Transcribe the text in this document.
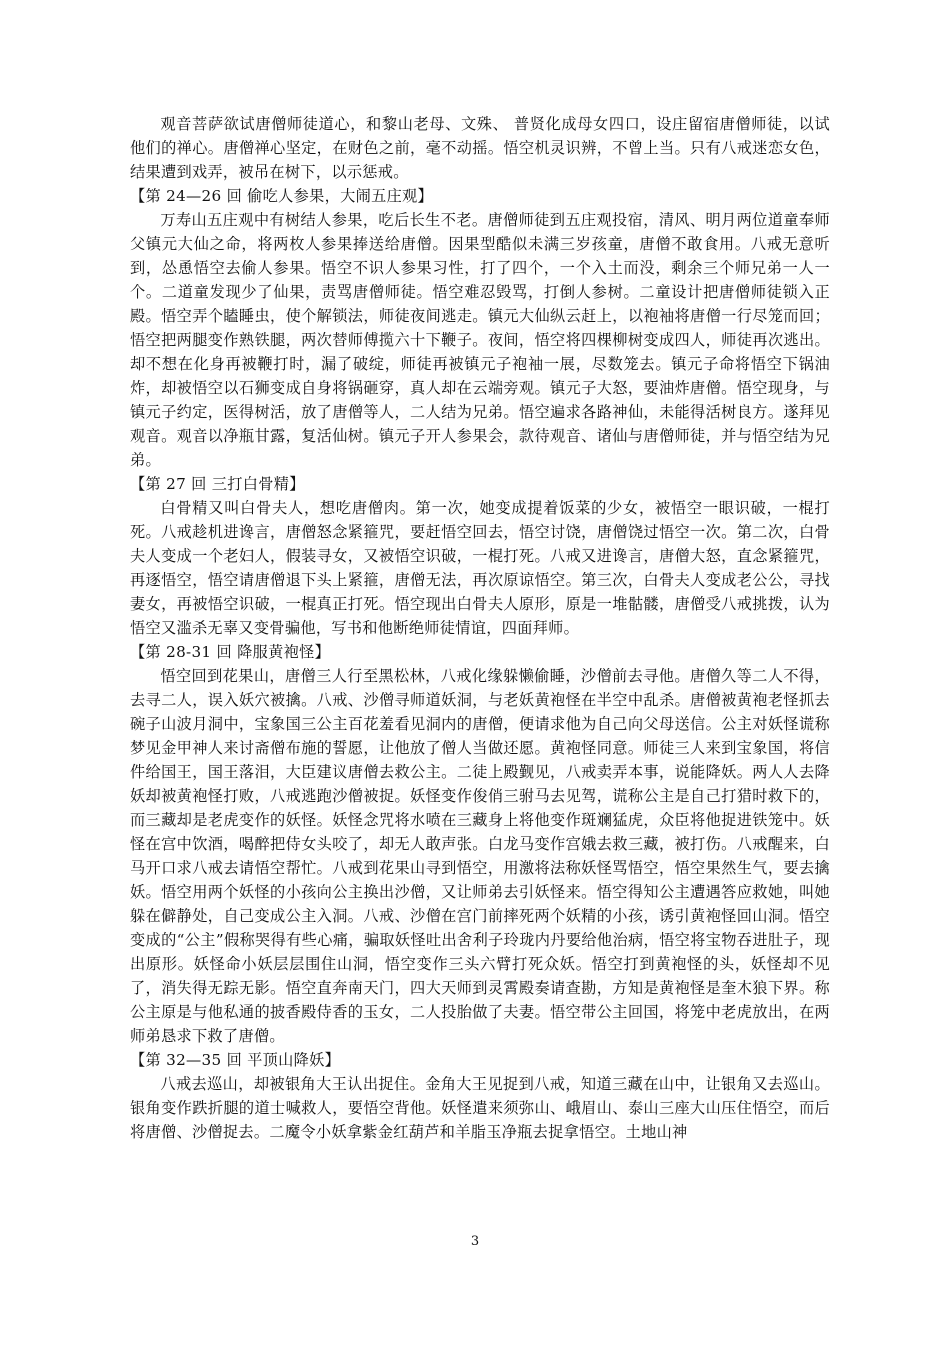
观音菩萨欲试唐僧师徒道心，和黎山老母、文殊、 普贤化成母女四口，设庄留宿唐僧师徒，以试他们的禅心。唐僧禅心坚定，在财色之前，毫不动摇。悟空机灵识辨，不曾上当。只有八戒迷恋女色，结果遭到戏弄，被吊在树下，以示惩戒。

【第 24—26 回 偷吃人参果，大闹五庄观】

万寿山五庄观中有树结人参果，吃后长生不老。唐僧师徒到五庄观投宿，清风、明月两位道童奉师父镇元大仙之命，将两枚人参果捧送给唐僧。因果型酷似未满三岁孩童，唐僧不敢食用。八戒无意听到，怂恿悟空去偷人参果。悟空不识人参果习性，打了四个，一个入土而没，剩余三个师兄弟一人一个。二道童发现少了仙果，责骂唐僧师徒。悟空难忍毁骂，打倒人参树。二童设计把唐僧师徒锁入正殿。悟空弄个瞌睡虫，使个解锁法，师徒夜间逃走。镇元大仙纵云赶上，以袍袖将唐僧一行尽笼而回；悟空把两腿变作熟铁腿，两次替师傅揽六十下鞭子。夜间，悟空将四棵柳树变成四人，师徒再次逃出。却不想在化身再被鞭打时，漏了破绽，师徒再被镇元子袍袖一展，尽数笼去。镇元子命将悟空下锅油炸，却被悟空以石狮变成自身将锅砸穿，真人却在云端旁观。镇元子大怒，要油炸唐僧。悟空现身，与镇元子约定，医得树活，放了唐僧等人，二人结为兄弟。悟空遍求各路神仙，未能得活树良方。遂拜见观音。观音以净瓶甘露，复活仙树。镇元子开人参果会，款待观音、诸仙与唐僧师徒，并与悟空结为兄弟。

【第 27 回 三打白骨精】

白骨精又叫白骨夫人，想吃唐僧肉。第一次，她变成提着饭菜的少女，被悟空一眼识破，一棍打死。八戒趁机进谗言，唐僧怒念紧箍咒，要赶悟空回去，悟空讨饶，唐僧饶过悟空一次。第二次，白骨夫人变成一个老妇人，假装寻女，又被悟空识破，一棍打死。八戒又进谗言，唐僧大怒，直念紧箍咒，再逐悟空，悟空请唐僧退下头上紧箍，唐僧无法，再次原谅悟空。第三次，白骨夫人变成老公公，寻找妻女，再被悟空识破，一棍真正打死。悟空现出白骨夫人原形，原是一堆骷髅，唐僧受八戒挑拨，认为悟空又滥杀无辜又变骨骗他，写书和他断绝师徒情谊，四面拜师。

【第 28-31 回 降服黄袍怪】

悟空回到花果山，唐僧三人行至黑松林，八戒化缘躲懒偷睡，沙僧前去寻他。唐僧久等二人不得，去寻二人，误入妖穴被擒。八戒、沙僧寻师道妖洞，与老妖黄袍怪在半空中乱杀。唐僧被黄袍老怪抓去碗子山波月洞中，宝象国三公主百花羞看见洞内的唐僧，便请求他为自己向父母送信。公主对妖怪谎称梦见金甲神人来讨斋僧布施的誓愿，让他放了僧人当做还愿。黄袍怪同意。师徒三人来到宝象国，将信件给国王，国王落泪，大臣建议唐僧去救公主。二徒上殿觐见，八戒卖弄本事，说能降妖。两人人去降妖却被黄袍怪打败，八戒逃跑沙僧被捉。妖怪变作俊俏三驸马去见驾，谎称公主是自己打猎时救下的，而三藏却是老虎变作的妖怪。妖怪念咒将水喷在三藏身上将他变作斑斓猛虎，众臣将他捉进铁笼中。妖怪在宫中饮酒，喝醉把侍女头咬了，却无人敢声张。白龙马变作宫娥去救三藏，被打伤。八戒醒来，白马开口求八戒去请悟空帮忙。八戒到花果山寻到悟空，用激将法称妖怪骂悟空，悟空果然生气，要去擒妖。悟空用两个妖怪的小孩向公主换出沙僧，又让师弟去引妖怪来。悟空得知公主遭遇答应救她，叫她躲在僻静处，自己变成公主入洞。八戒、沙僧在宫门前摔死两个妖精的小孩，诱引黄袍怪回山洞。悟空变成的“公主”假称哭得有些心痛，骗取妖怪吐出舍利子玲珑内丹要给他治病，悟空将宝物吞进肚子，现出原形。妖怪命小妖层层围住山洞，悟空变作三头六臂打死众妖。悟空打到黄袍怪的头，妖怪却不见了，消失得无踪无影。悟空直奔南天门，四大天师到灵霄殿奏请查勘，方知是黄袍怪是奎木狼下界。称公主原是与他私通的披香殿侍香的玉女，二人投胎做了夫妻。悟空带公主回国，将笼中老虎放出，在两师弟恳求下救了唐僧。

【第 32—35 回 平顶山降妖】

八戒去巡山，却被银角大王认出捉住。金角大王见捉到八戒，知道三藏在山中，让银角又去巡山。银角变作跌折腿的道士喊救人，要悟空背他。妖怪遣来须弥山、峨眉山、泰山三座大山压住悟空，而后将唐僧、沙僧捉去。二魔令小妖拿紫金红葫芦和羊脂玉净瓶去捉拿悟空。土地山神

3
